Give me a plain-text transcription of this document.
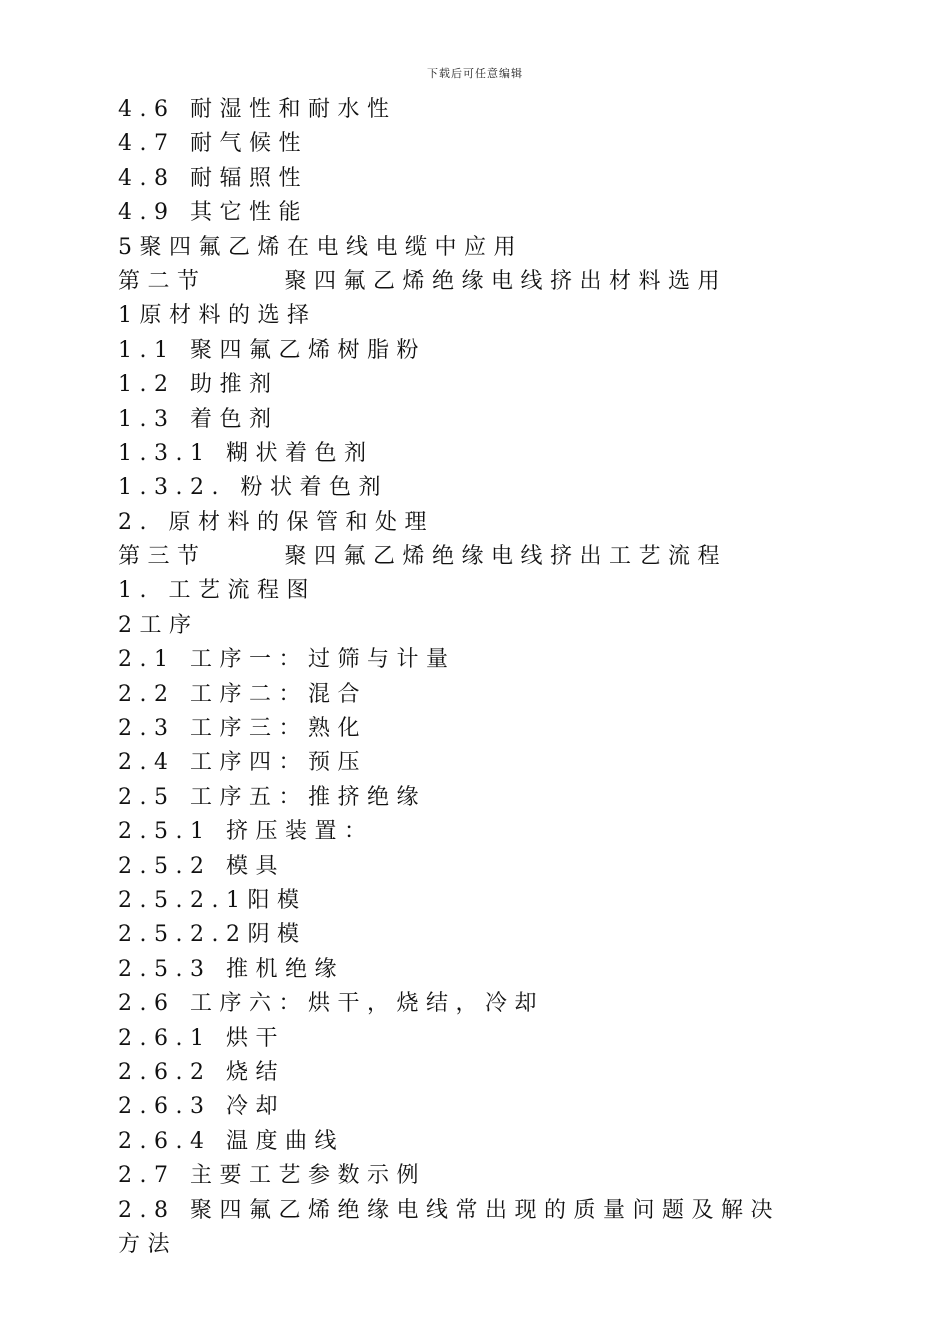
下载后可任意编辑
4.6 耐湿性和耐水性
4.7 耐气候性
4.8 耐辐照性
4.9 其它性能
5聚四氟乙烯在电线电缆中应用
第二节	聚四氟乙烯绝缘电线挤出材料选用
1原材料的选择
1.1 聚四氟乙烯树脂粉
1.2 助推剂
1.3 着色剂
1.3.1 糊状着色剂
1.3.2. 粉状着色剂
2. 原材料的保管和处理
第三节	聚四氟乙烯绝缘电线挤出工艺流程
1. 工艺流程图
2工序
2.1 工序一：过筛与计量
2.2 工序二：混合
2.3 工序三：熟化
2.4 工序四：预压
2.5 工序五：推挤绝缘
2.5.1 挤压装置：
2.5.2 模具
2.5.2.1阳模
2.5.2.2阴模
2.5.3 推机绝缘
2.6 工序六：烘干，烧结，冷却
2.6.1 烘干
2.6.2 烧结
2.6.3 冷却
2.6.4 温度曲线
2.7 主要工艺参数示例
2.8 聚四氟乙烯绝缘电线常出现的质量问题及解决
方法
